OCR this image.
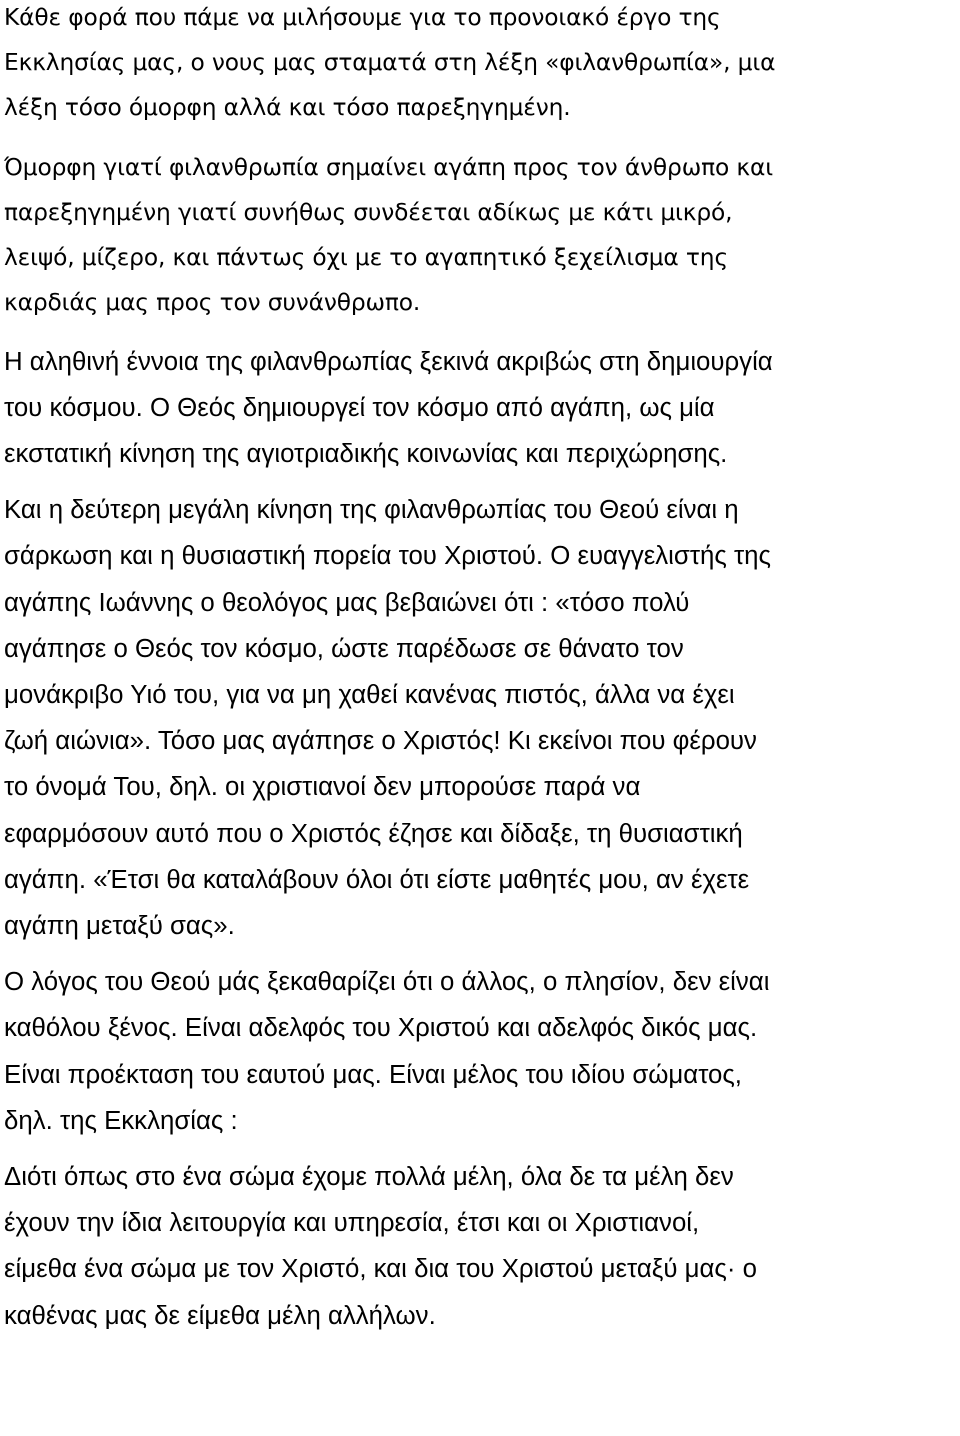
Κάθε φορά που πάμε να μιλήσουμε για το προνοιακό έργο της
Εκκλησίας μας, ο νους μας σταματά στη λέξη «φιλανθρωπία», μια
λέξη τόσο όμορφη αλλά και τόσο παρεξηγημένη.

Όμορφη γιατί φιλανθρωπία σημαίνει αγάπη προς τον άνθρωπο και
παρεξηγημένη γιατί συνήθως συνδέεται αδίκως με κάτι μικρό,
λειψό, μίζερο, και πάντως όχι με το αγαπητικό ξεχείλισμα της
καρδιάς μας προς τον συνάνθρωπο.

Η αληθινή έννοια της φιλανθρωπίας ξεκινά ακριβώς στη δημιουργία
του κόσμου. Ο Θεός δημιουργεί τον κόσμο από αγάπη, ως μία
εκστατική κίνηση της αγιοτριαδικής κοινωνίας και περιχώρησης.

Και η δεύτερη μεγάλη κίνηση της φιλανθρωπίας του Θεού είναι η
σάρκωση και η θυσιαστική πορεία του Χριστού. Ο ευαγγελιστής της
αγάπης Ιωάννης ο θεολόγος μας βεβαιώνει ότι : «τόσο πολύ
αγάπησε ο Θεός τον κόσμο, ώστε παρέδωσε σε θάνατο τον
μονάκριβο Υιό του, για να μη χαθεί κανένας πιστός, άλλα να έχει
ζωή αιώνια». Τόσο μας αγάπησε ο Χριστός! Κι εκείνοι που φέρουν
το όνομά Του, δηλ. οι χριστιανοί δεν μπορούσε παρά να
εφαρμόσουν αυτό που ο Χριστός έζησε και δίδαξε, τη θυσιαστική
αγάπη. «Έτσι θα καταλάβουν όλοι ότι είστε μαθητές μου, αν έχετε
αγάπη μεταξύ σας».

Ο λόγος του Θεού μάς ξεκαθαρίζει ότι ο άλλος, ο πλησίον, δεν είναι
καθόλου ξένος. Είναι αδελφός του Χριστού και αδελφός δικός μας.
Είναι προέκταση του εαυτού μας. Είναι μέλος του ιδίου σώματος,
δηλ. της Εκκλησίας :

Διότι όπως στο ένα σώμα έχομε πολλά μέλη, όλα δε τα μέλη δεν
έχουν την ίδια λειτουργία και υπηρεσία, έτσι και οι Χριστιανοί,
είμεθα ένα σώμα με τον Χριστό, και δια του Χριστού μεταξύ μας· ο
καθένας μας δε είμεθα μέλη αλλήλων.
